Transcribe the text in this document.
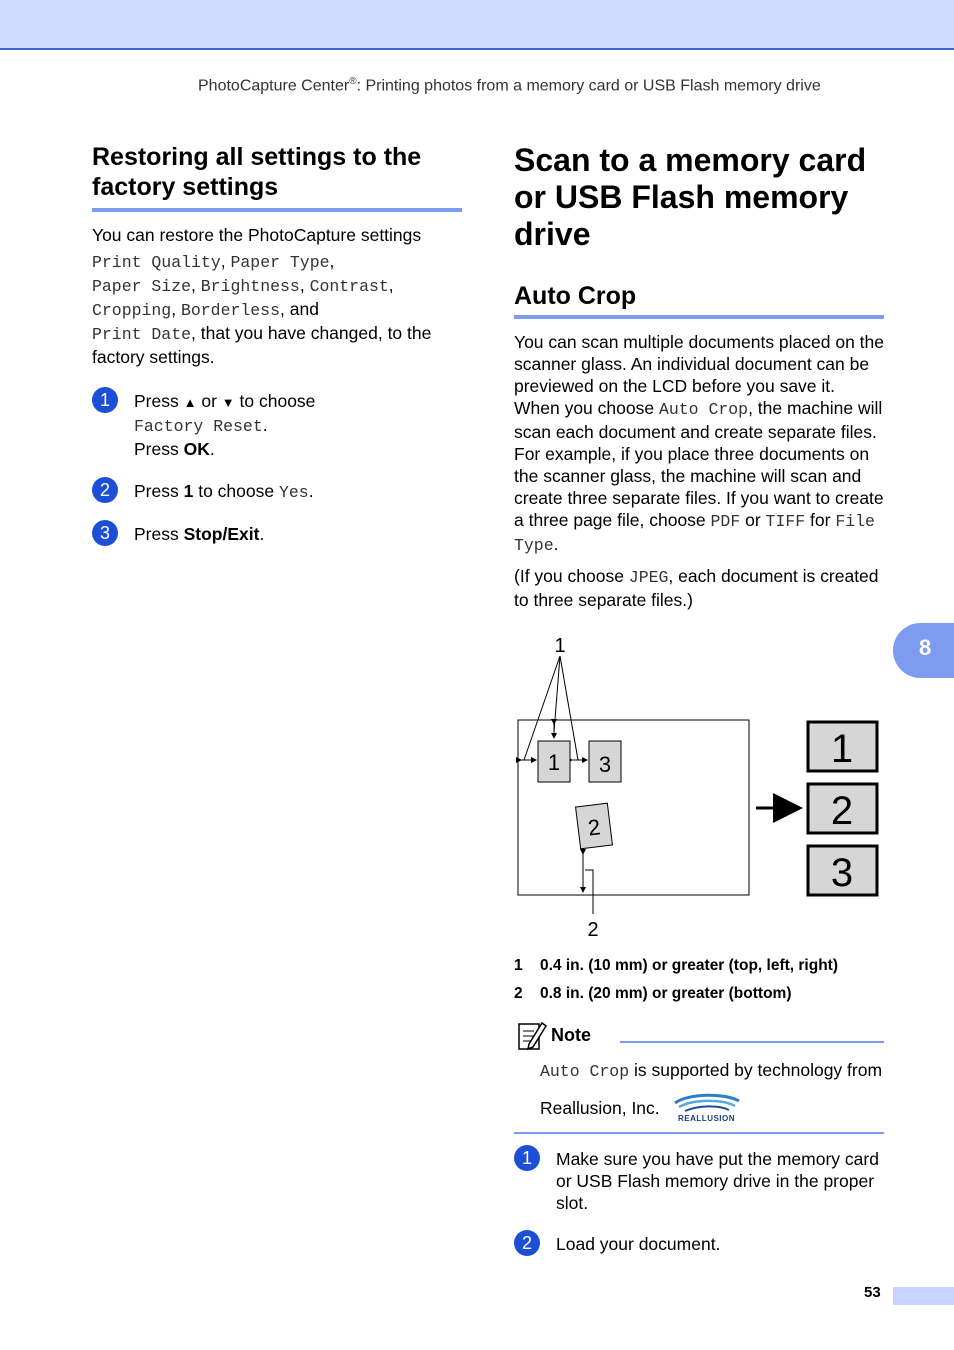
PhotoCapture Center®: Printing photos from a memory card or USB Flash memory drive
Restoring all settings to the factory settings

You can restore the PhotoCapture settings

Print Quality, Paper Type,
Paper Size, Brightness, Contrast,
Cropping, Borderless, and
Print Date, that you have changed, to the factory settings.

1	Press ▲ or ▼ to choose
Factory Reset.
Press OK.
2	Press 1 to choose Yes.
3	Press Stop/Exit.
Scan to a memory card or USB Flash memory drive
Auto Crop

You can scan multiple documents placed on the scanner glass. An individual document can be previewed on the LCD before you save it. When you choose Auto Crop, the machine will scan each document and create separate files. For example, if you place three documents on the scanner glass, the machine will scan and create three separate files. If you want to create a three page file, choose PDF or TIFF for File Type.

(If you choose JPEG, each document is created to three separate files.)

1
1 3
2
2
1
2
3
1 0.4 in. (10 mm) or greater (top, left, right)
2 0.8 in. (20 mm) or greater (bottom)
Note
Auto Crop is supported by technology from Reallusion, Inc.
REALLUSION
1	Make sure you have put the memory card or USB Flash memory drive in the proper slot.
2	Load your document.
8
53
